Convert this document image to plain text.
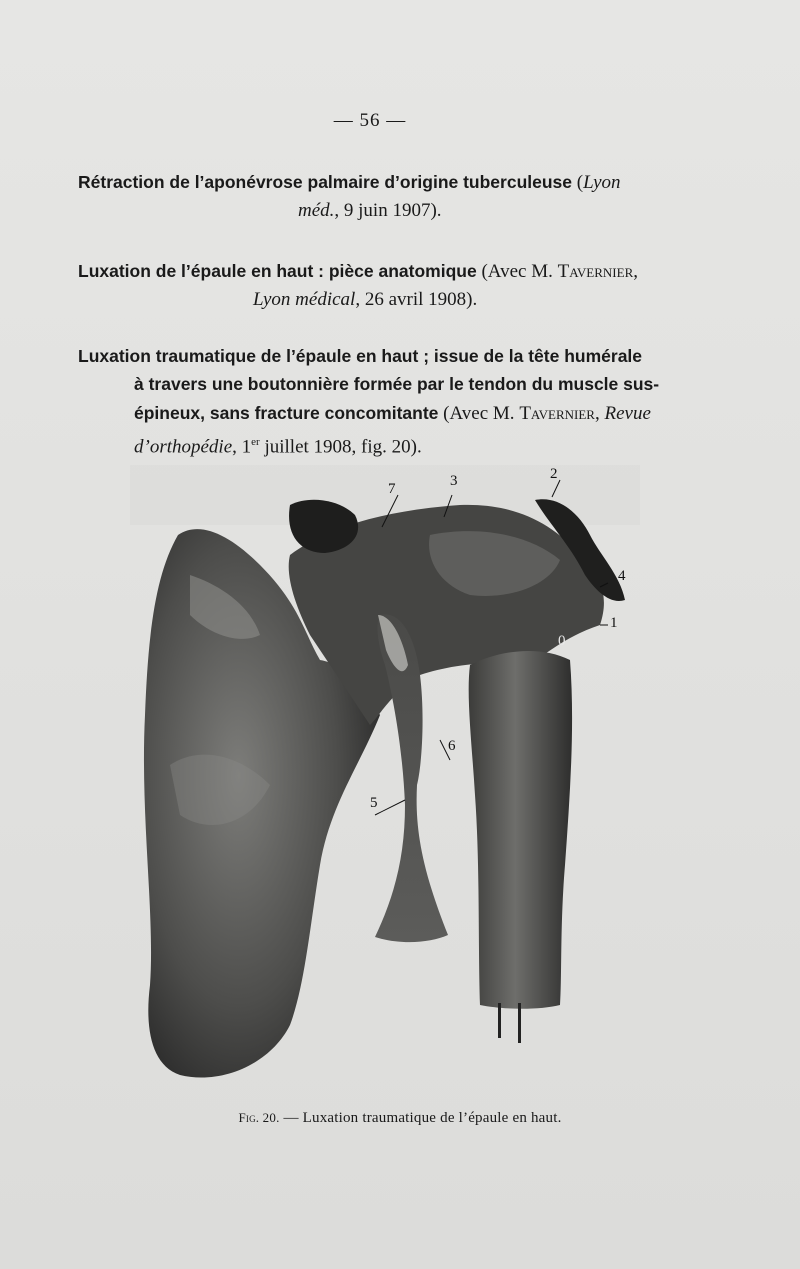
— 56 —
Rétraction de l’aponévrose palmaire d’origine tuberculeuse (Lyon
méd., 9 juin 1907).
Luxation de l’épaule en haut : pièce anatomique (Avec M. Tavernier,
Lyon médical, 26 avril 1908).
Luxation traumatique de l’épaule en haut ; issue de la tête humérale
à travers une boutonnière formée par le tendon du muscle sus-
épineux, sans fracture concomitante (Avec M. Tavernier, Revue
d’orthopédie, 1er juillet 1908, fig. 20).
7	3	2
4
1
6
5
0
Fig. 20. — Luxation traumatique de l’épaule en haut.
